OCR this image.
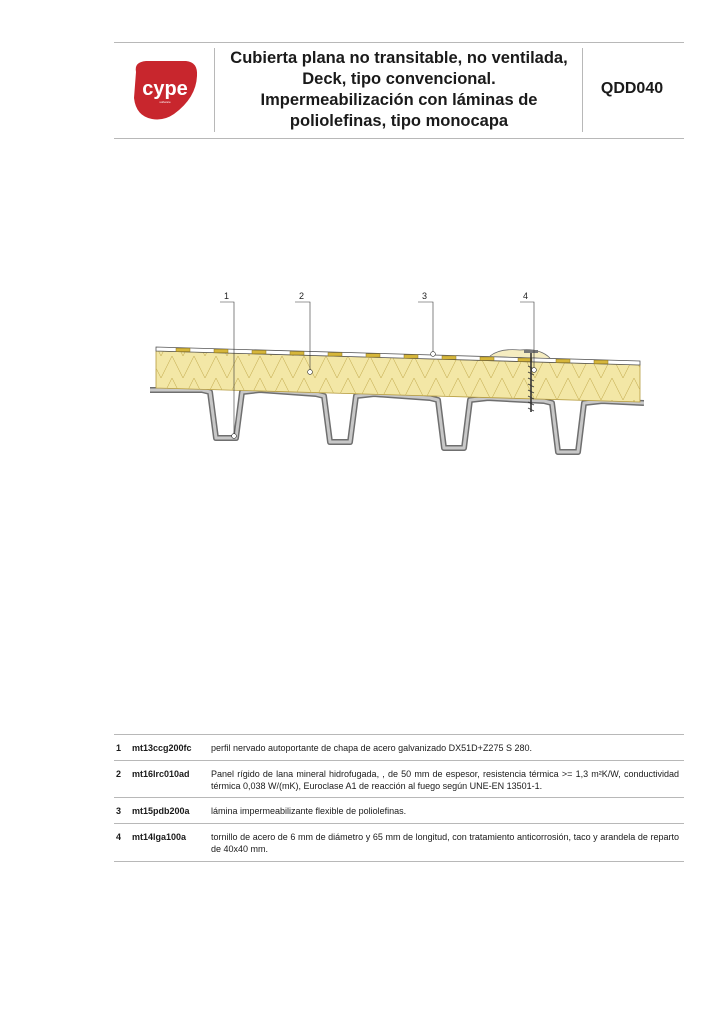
cype
software
Cubierta plana no transitable, no ventilada,
Deck, tipo convencional.
Impermeabilización con láminas de
poliolefinas, tipo monocapa
QDD040
1	2	3	4
1 mt13ccg200fc perfil nervado autoportante de chapa de acero galvanizado DX51D+Z275 S 280.
2 mt16lrc010ad Panel rígido de lana mineral hidrofugada, , de 50 mm de espesor, resistencia térmica >= 1,3 m²K/W, conductividad térmica 0,038 W/(mK), Euroclase A1 de reacción al fuego según UNE-EN 13501-1.
3 mt15pdb200a lámina impermeabilizante flexible de poliolefinas.
4 mt14lga100a	tornillo de acero de 6 mm de diámetro y 65 mm de longitud, con tratamiento anticorrosión, taco y arandela de reparto de 40x40 mm.
